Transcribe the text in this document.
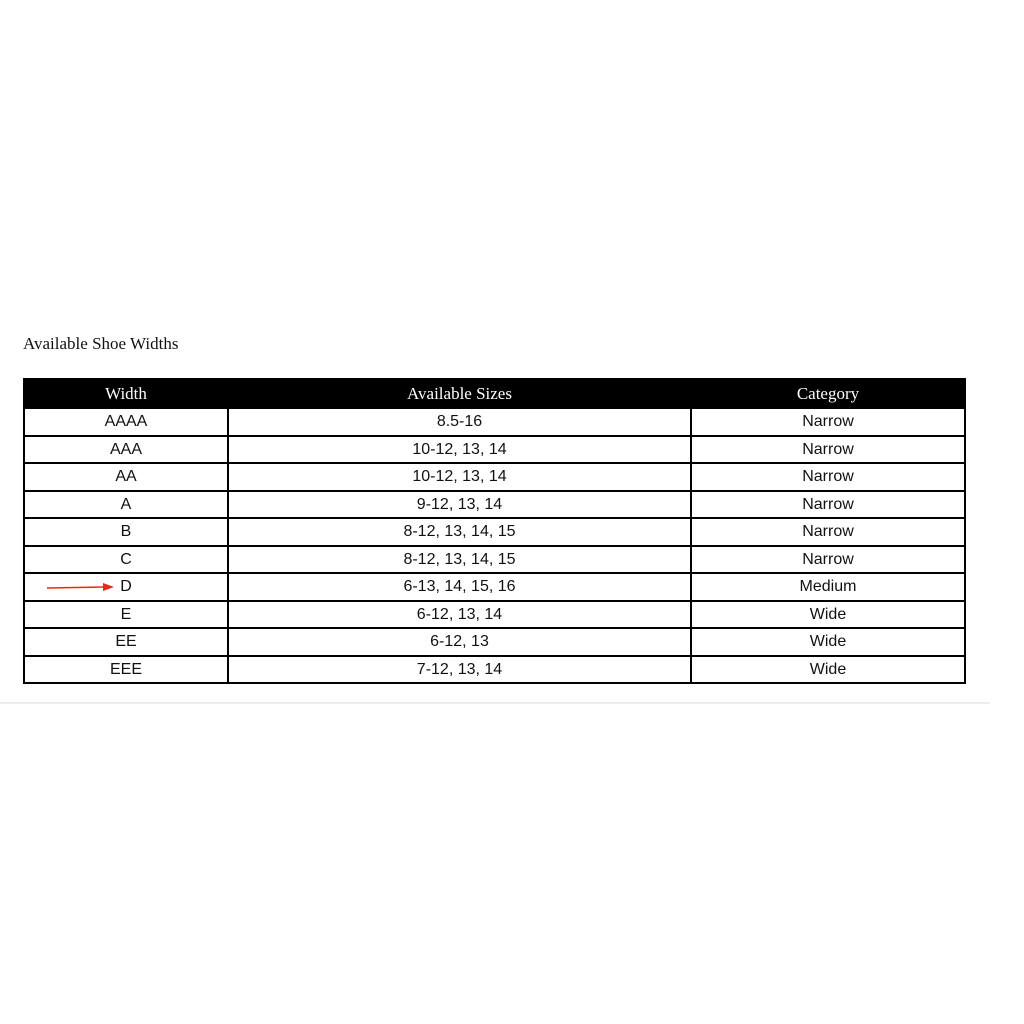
Available Shoe Widths
Width	Available Sizes	Category
AAAA	8.5-16	Narrow
AAA	10-12, 13, 14	Narrow
AA	10-12, 13, 14	Narrow
A	9-12, 13, 14	Narrow
B	8-12, 13, 14, 15	Narrow
C	8-12, 13, 14, 15	Narrow

D	6-13, 14, 15, 16	Medium
E	6-12, 13, 14	Wide
EE	6-12, 13	Wide
EEE	7-12, 13, 14	Wide
